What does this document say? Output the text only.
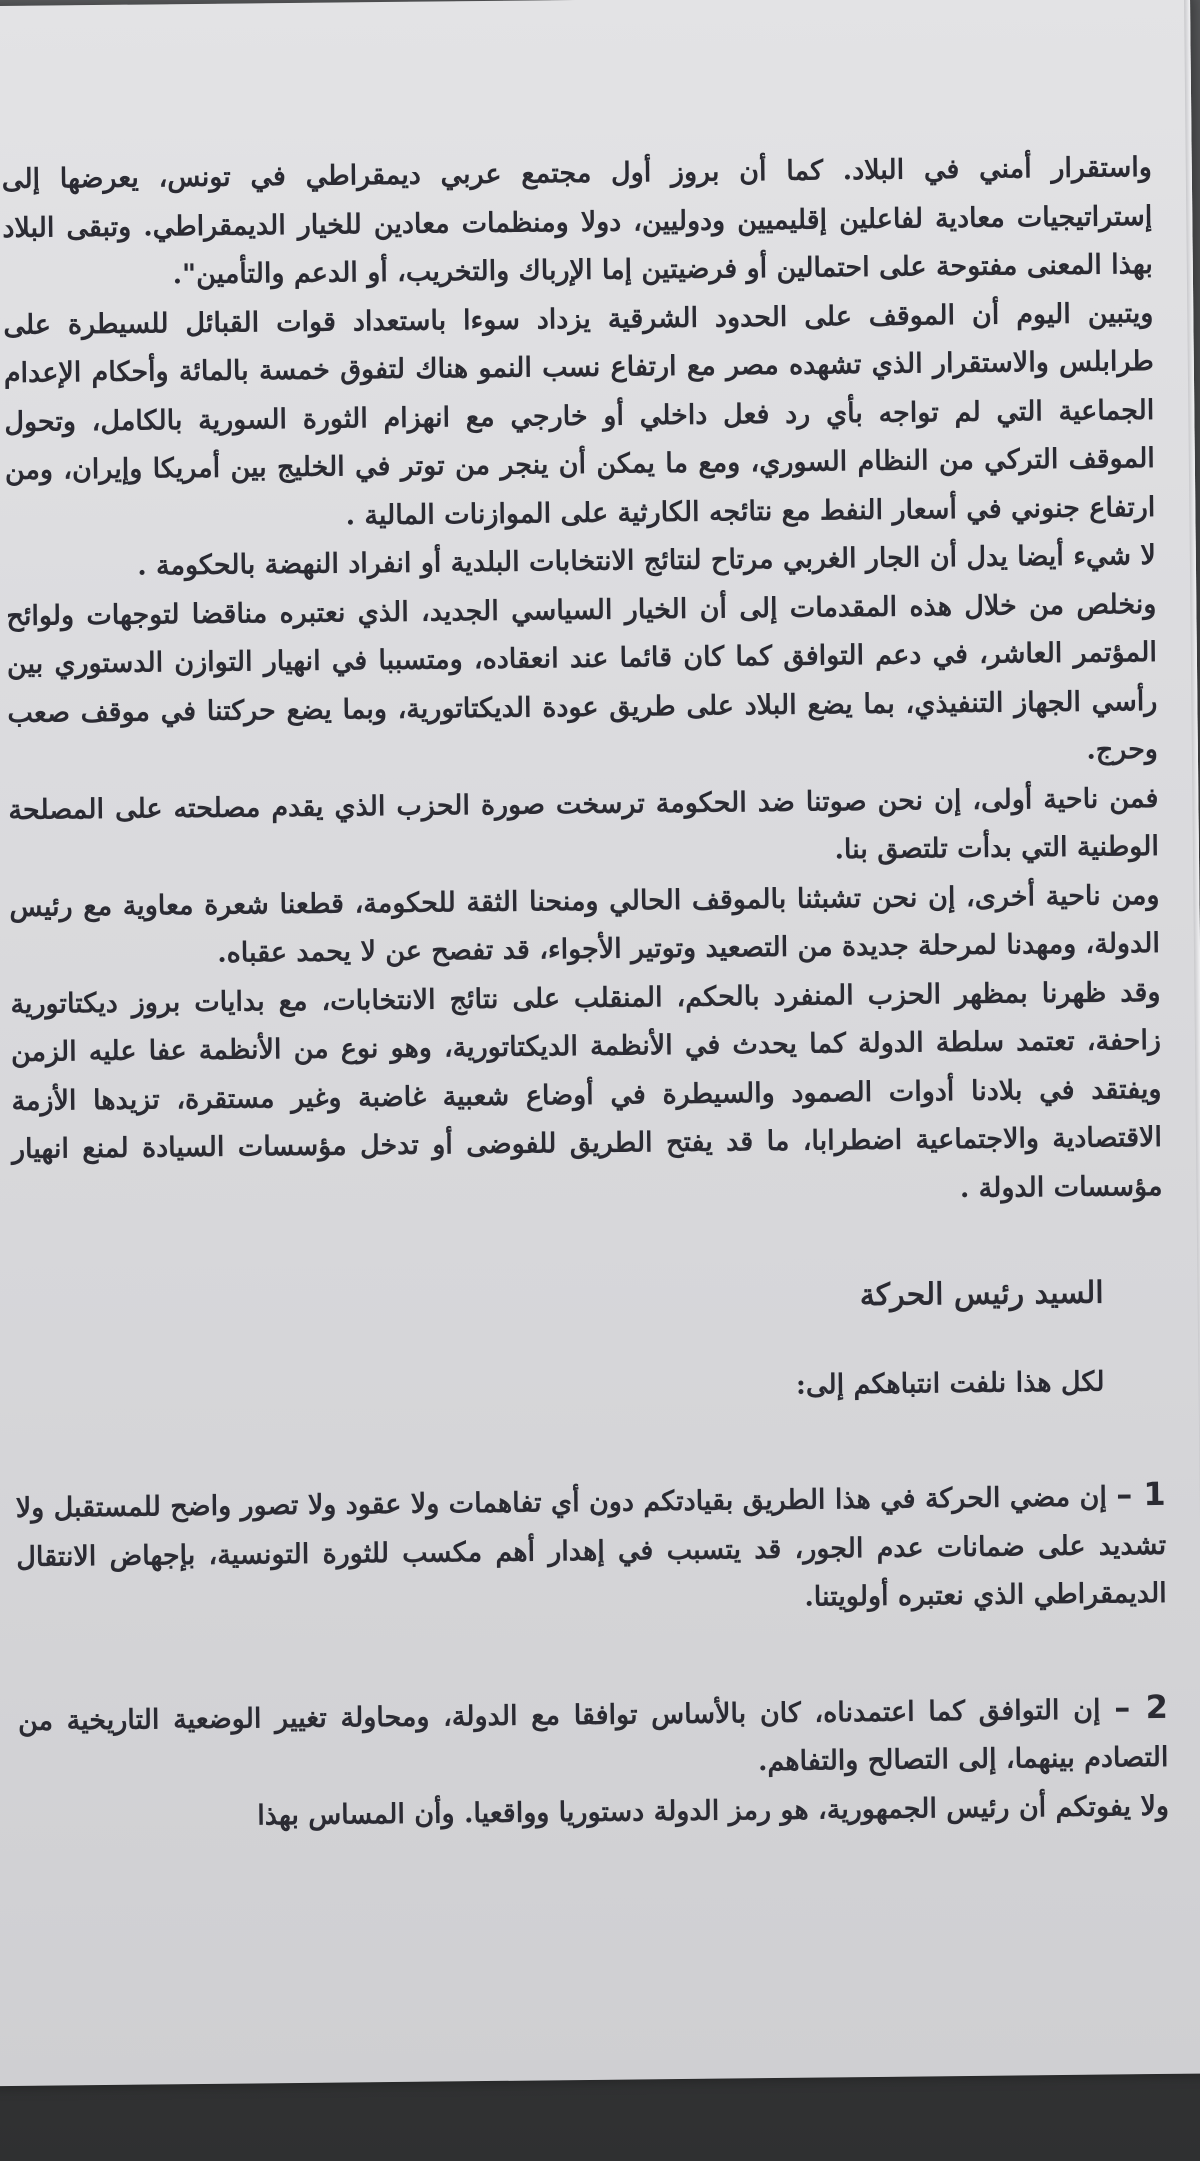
واستقرار أمني في البلاد. كما أن بروز أول مجتمع عربي ديمقراطي في تونس، يعرضها إلى إستراتيجيات معادية لفاعلين إقليميين ودوليين، دولا ومنظمات معادين للخيار الديمقراطي. وتبقى البلاد بهذا المعنى مفتوحة على احتمالين أو فرضيتين إما الإرباك والتخريب، أو الدعم والتأمين".

ويتبين اليوم أن الموقف على الحدود الشرقية يزداد سوءا باستعداد قوات القبائل للسيطرة على طرابلس والاستقرار الذي تشهده مصر مع ارتفاع نسب النمو هناك لتفوق خمسة بالمائة وأحكام الإعدام الجماعية التي لم تواجه بأي رد فعل داخلي أو خارجي مع انهزام الثورة السورية بالكامل، وتحول الموقف التركي من النظام السوري، ومع ما يمكن أن ينجر من توتر في الخليج بين أمريكا وإيران، ومن ارتفاع جنوني في أسعار النفط مع نتائجه الكارثية على الموازنات المالية .

لا شيء أيضا يدل أن الجار الغربي مرتاح لنتائج الانتخابات البلدية أو انفراد النهضة بالحكومة .

ونخلص من خلال هذه المقدمات إلى أن الخيار السياسي الجديد، الذي نعتبره مناقضا لتوجهات ولوائح المؤتمر العاشر، في دعم التوافق كما كان قائما عند انعقاده، ومتسببا في انهيار التوازن الدستوري بين رأسي الجهاز التنفيذي، بما يضع البلاد على طريق عودة الديكتاتورية، وبما يضع حركتنا في موقف صعب وحرج.

فمن ناحية أولى، إن نحن صوتنا ضد الحكومة ترسخت صورة الحزب الذي يقدم مصلحته على المصلحة الوطنية التي بدأت تلتصق بنا.

ومن ناحية أخرى، إن نحن تشبثنا بالموقف الحالي ومنحنا الثقة للحكومة، قطعنا شعرة معاوية مع رئيس الدولة، ومهدنا لمرحلة جديدة من التصعيد وتوتير الأجواء، قد تفصح عن لا يحمد عقباه.

وقد ظهرنا بمظهر الحزب المنفرد بالحكم، المنقلب على نتائج الانتخابات، مع بدايات بروز ديكتاتورية زاحفة، تعتمد سلطة الدولة كما يحدث في الأنظمة الديكتاتورية، وهو نوع من الأنظمة عفا عليه الزمن ويفتقد في بلادنا أدوات الصمود والسيطرة في أوضاع شعبية غاضبة وغير مستقرة، تزيدها الأزمة الاقتصادية والاجتماعية اضطرابا، ما قد يفتح الطريق للفوضى أو تدخل مؤسسات السيادة لمنع انهيار مؤسسات الدولة .

السيد رئيس الحركة

لكل هذا نلفت انتباهكم إلى:

1 – إن مضي الحركة في هذا الطريق بقيادتكم دون أي تفاهمات ولا عقود ولا تصور واضح للمستقبل ولا تشديد على ضمانات عدم الجور، قد يتسبب في إهدار أهم مكسب للثورة التونسية، بإجهاض الانتقال الديمقراطي الذي نعتبره أولويتنا.

2 – إن التوافق كما اعتمدناه، كان بالأساس توافقا مع الدولة، ومحاولة تغيير الوضعية التاريخية من التصادم بينهما، إلى التصالح والتفاهم.

ولا يفوتكم أن رئيس الجمهورية، هو رمز الدولة دستوريا وواقعيا. وأن المساس بهذا
